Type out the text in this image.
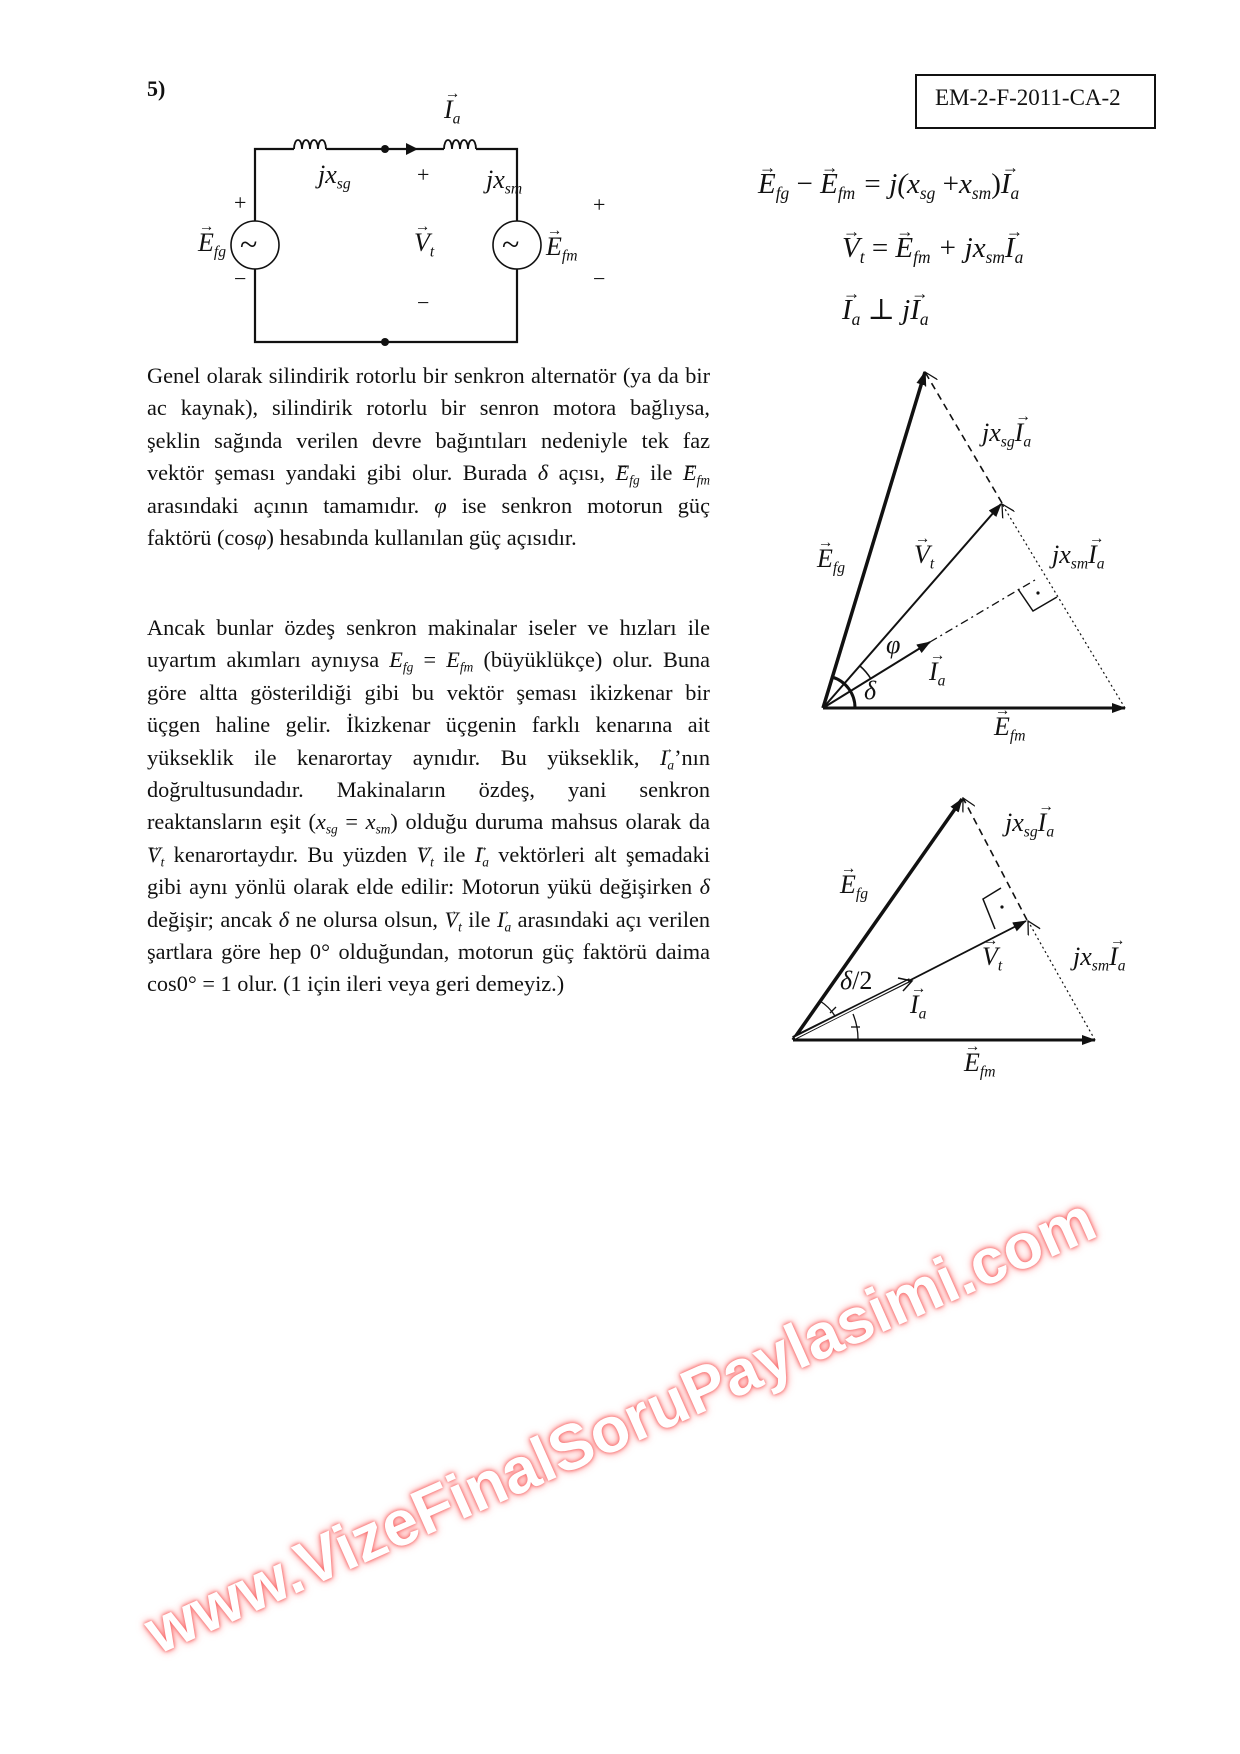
5)	EM-2-F-2011-CA-2
→ $I_a$
$jx_{sg}$	$jx_{sm}$
+
−
+
−
+
−
~	~
→ $E_{fg}$	→ $V_t$	→ $E_{fm}$
→ $E_{fg}$ − → $E_{fm} = j(x_{sg} +x_{sm})\to I_a$
→ $V_t$ = → $E_{fm} + jx_{sm}\to I_a$
→ $I_a$ ⊥ $j\to I_a$
$jx_{sg}\to I_a$
→ $E_{fg}$	→ $V_t$	$jx_{sm}\to I_a$
φ
→ $I_a$
δ
→ $E_{fm}$
$jx_{sg}\to I_a$
→ $E_{fg}$
→ $V_t$	$jx_{sm}\to I_a$
δ/2
→ $I_a$
→ $E_{fm}$
Genel olarak silindirik rotorlu bir senkron alternatör (ya da bir ac kaynak), silindirik rotorlu bir senron motora bağlıysa, şeklin sağında verilen devre bağıntıları nedeniyle tek faz vektör şeması yandaki gibi olur. Burada δ açısı, → $E_{fg}$ ile → $E_{fm}$ arasındaki açının tamamıdır. φ ise senkron motorun güç faktörü (cosφ) hesabında kullanılan güç açısıdır.
Ancak bunlar özdeş senkron makinalar iseler ve hızları ile uyartım akımları aynıysa $E_{fg} = E_{fm}$ (büyüklükçe) olur. Buna göre altta gösterildiği gibi bu vektör şeması ikizkenar bir üçgen haline gelir. İkizkenar üçgenin farklı kenarına ait yükseklik ile kenarortay aynıdır. Bu yükseklik, → $I_a’nın$ doğrultusundadır. Makinaların özdeş, yani senkron reaktansların eşit $(x_{sg} = x_{sm})$ olduğu duruma mahsus olarak da → $V_t$ kenarortaydır. Bu yüzden → $V_t$ ile → $I_a$ vektörleri alt şemadaki gibi aynı yönlü olarak elde edilir: Motorun yükü değişirken δ değişir; ancak δ ne olursa olsun, → $V_t$ ile → $I_a$ arasındaki açı verilen şartlara göre hep 0° olduğundan, motorun güç faktörü daima cos0° = 1 olur. (1 için ileri veya geri demeyiz.)
www.VizeFinalSoruPaylasimi.com
